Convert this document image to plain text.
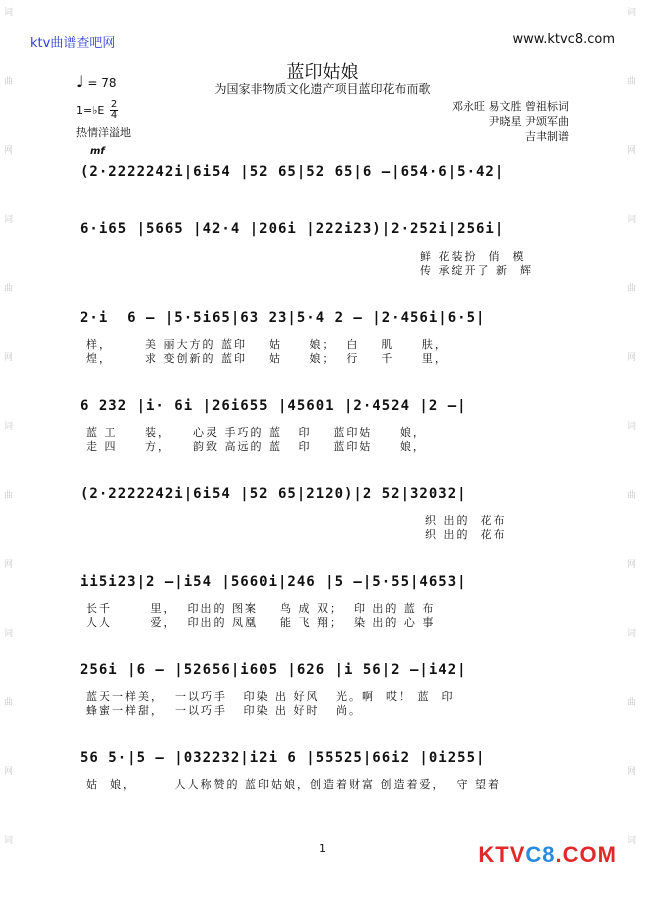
词
曲
网
词
曲
网
词
曲
网
词
曲
网
词
词
曲
网
词
曲
网
词
曲
网
词
曲
网
词
ktv曲谱查吧网	www.ktvc8.com
♩ = 78	蓝印姑娘
为国家非物质文化遗产项目蓝印花布而歌
1=♭E 2
4
热情洋溢地
邓永旺 易文胜 曾祖标词
尹晓星 尹颂军曲
吉聿制谱
mf
(2·2222242i|6i54 |52 65|52 65|6 —|654·6|5·42|
6·i65 |5665 |42·4 |206i |222i23)|2·252i|256i|
鲜 花装扮  俏  模
传 承绽开了 新  辉
2·i  6 — |5·5i65|63 23|5·4 2 — |2·456i|6·5|
样，      美 丽大方的 蓝印    姑     娘；  白    肌     肤，
煌，      求 变创新的 蓝印    姑     娘；  行    千     里，
6 232 |i· 6i |26i655 |45601 |2·4524 |2 —|
蓝 工     装，    心灵 手巧的 蓝   印    蓝印姑     娘，
走 四     方，    韵致 高远的 蓝   印    蓝印姑     娘，
(2·2222242i|6i54 |52 65|2120)|2 52|32032|
织 出的  花布
织 出的  花布
ii5i23|2 —|i54 |5660i|246 |5 —|5·55|4653|
长千       里，  印出的 图案    鸟 成 双；  印 出的 蓝 布
人人       爱，  印出的 凤凰    能 飞 翔；  染 出的 心 事
256i |6 — |52656|i605 |626 |i 56|2 —|i42|
蓝天一样美，  一以巧手   印染 出 好风   光。啊  哎！ 蓝  印
蜂蜜一样甜，  一以巧手   印染 出 好时   尚。
56 5·|5 — |032232|i2i 6 |55525|66i2 |0i255|
姑  娘，       人人称赞的 蓝印姑娘，创造着财富 创造着爱，  守 望着
1	KTVC8.COM
